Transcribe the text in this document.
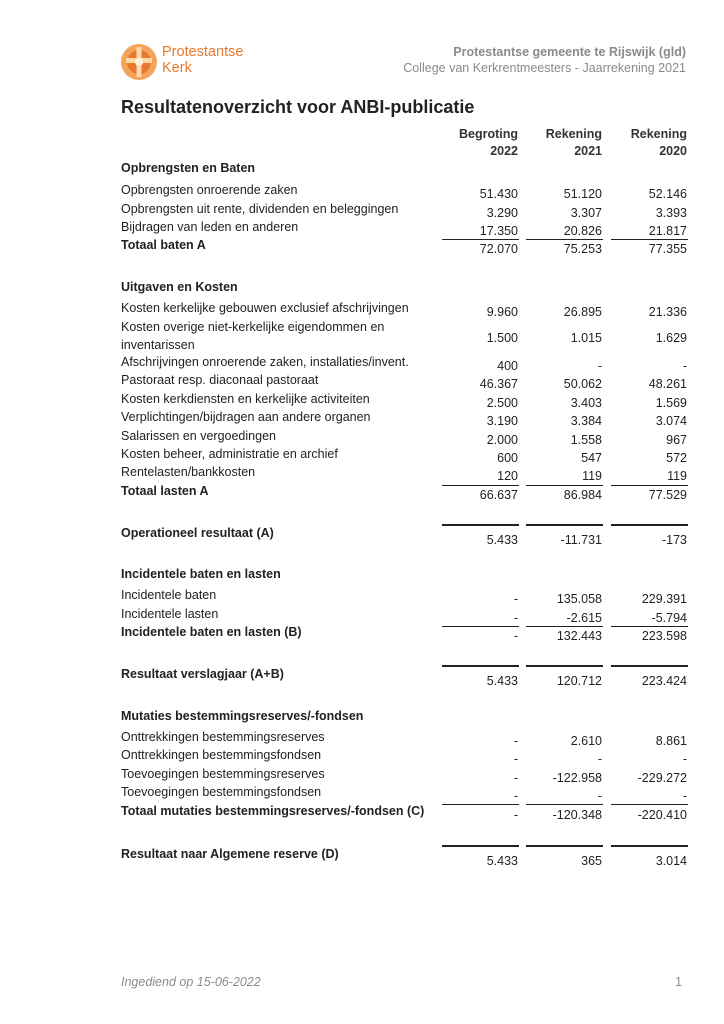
Protestantse
Kerk
Protestantse gemeente te Rijswijk (gld)
College van Kerkrentmeesters - Jaarrekening 2021
Resultatenoverzicht voor ANBI-publicatie
Begroting
2022
Rekening
2021
Rekening
2020
Opbrengsten en Baten
Opbrengsten onroerende zaken	51.430	51.120	52.146
Opbrengsten uit rente, dividenden en beleggingen	3.290	3.307	3.393
Bijdragen van leden en anderen	17.350	20.826	21.817
Totaal baten A	72.070	75.253	77.355
Uitgaven en Kosten
Kosten kerkelijke gebouwen exclusief afschrijvingen	9.960	26.895	21.336
Kosten overige niet-kerkelijke eigendommen en inventarissen	1.500	1.015	1.629
Afschrijvingen onroerende zaken, installaties/invent.	400	-	-
Pastoraat resp. diaconaal pastoraat	46.367	50.062	48.261
Kosten kerkdiensten en kerkelijke activiteiten	2.500	3.403	1.569
Verplichtingen/bijdragen aan andere organen	3.190	3.384	3.074
Salarissen en vergoedingen	2.000	1.558	967
Kosten beheer, administratie en archief	600	547	572
Rentelasten/bankkosten	120	119	119
Totaal lasten A	66.637	86.984	77.529
Operationeel resultaat (A)	5.433	-11.731	-173
Incidentele baten en lasten
Incidentele baten	-	135.058	229.391
Incidentele lasten	-	-2.615	-5.794
Incidentele baten en lasten (B)	-	132.443	223.598
Resultaat verslagjaar (A+B)	5.433	120.712	223.424
Mutaties bestemmingsreserves/-fondsen
Onttrekkingen bestemmingsreserves	-	2.610	8.861
Onttrekkingen bestemmingsfondsen	-	-	-
Toevoegingen bestemmingsreserves	-	-122.958	-229.272
Toevoegingen bestemmingsfondsen	-	-	-
Totaal mutaties bestemmingsreserves/-fondsen (C)	-	-120.348	-220.410
Resultaat naar Algemene reserve (D)	5.433	365	3.014
Ingediend op 15-06-2022	1
